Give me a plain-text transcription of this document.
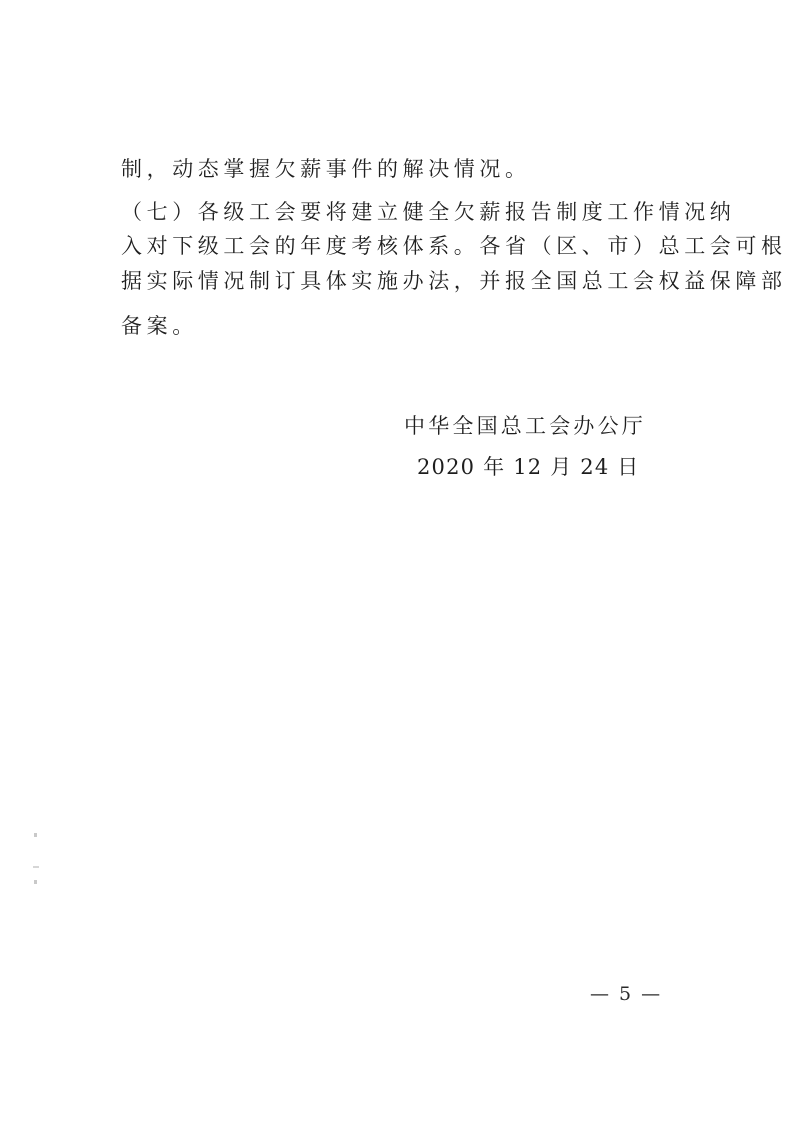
制，动态掌握欠薪事件的解决情况。
（七）各级工会要将建立健全欠薪报告制度工作情况纳
入对下级工会的年度考核体系。各省（区、市）总工会可根
据实际情况制订具体实施办法，并报全国总工会权益保障部
备案。
中华全国总工会办公厅
2020 年 12 月 24 日
— 5 —
